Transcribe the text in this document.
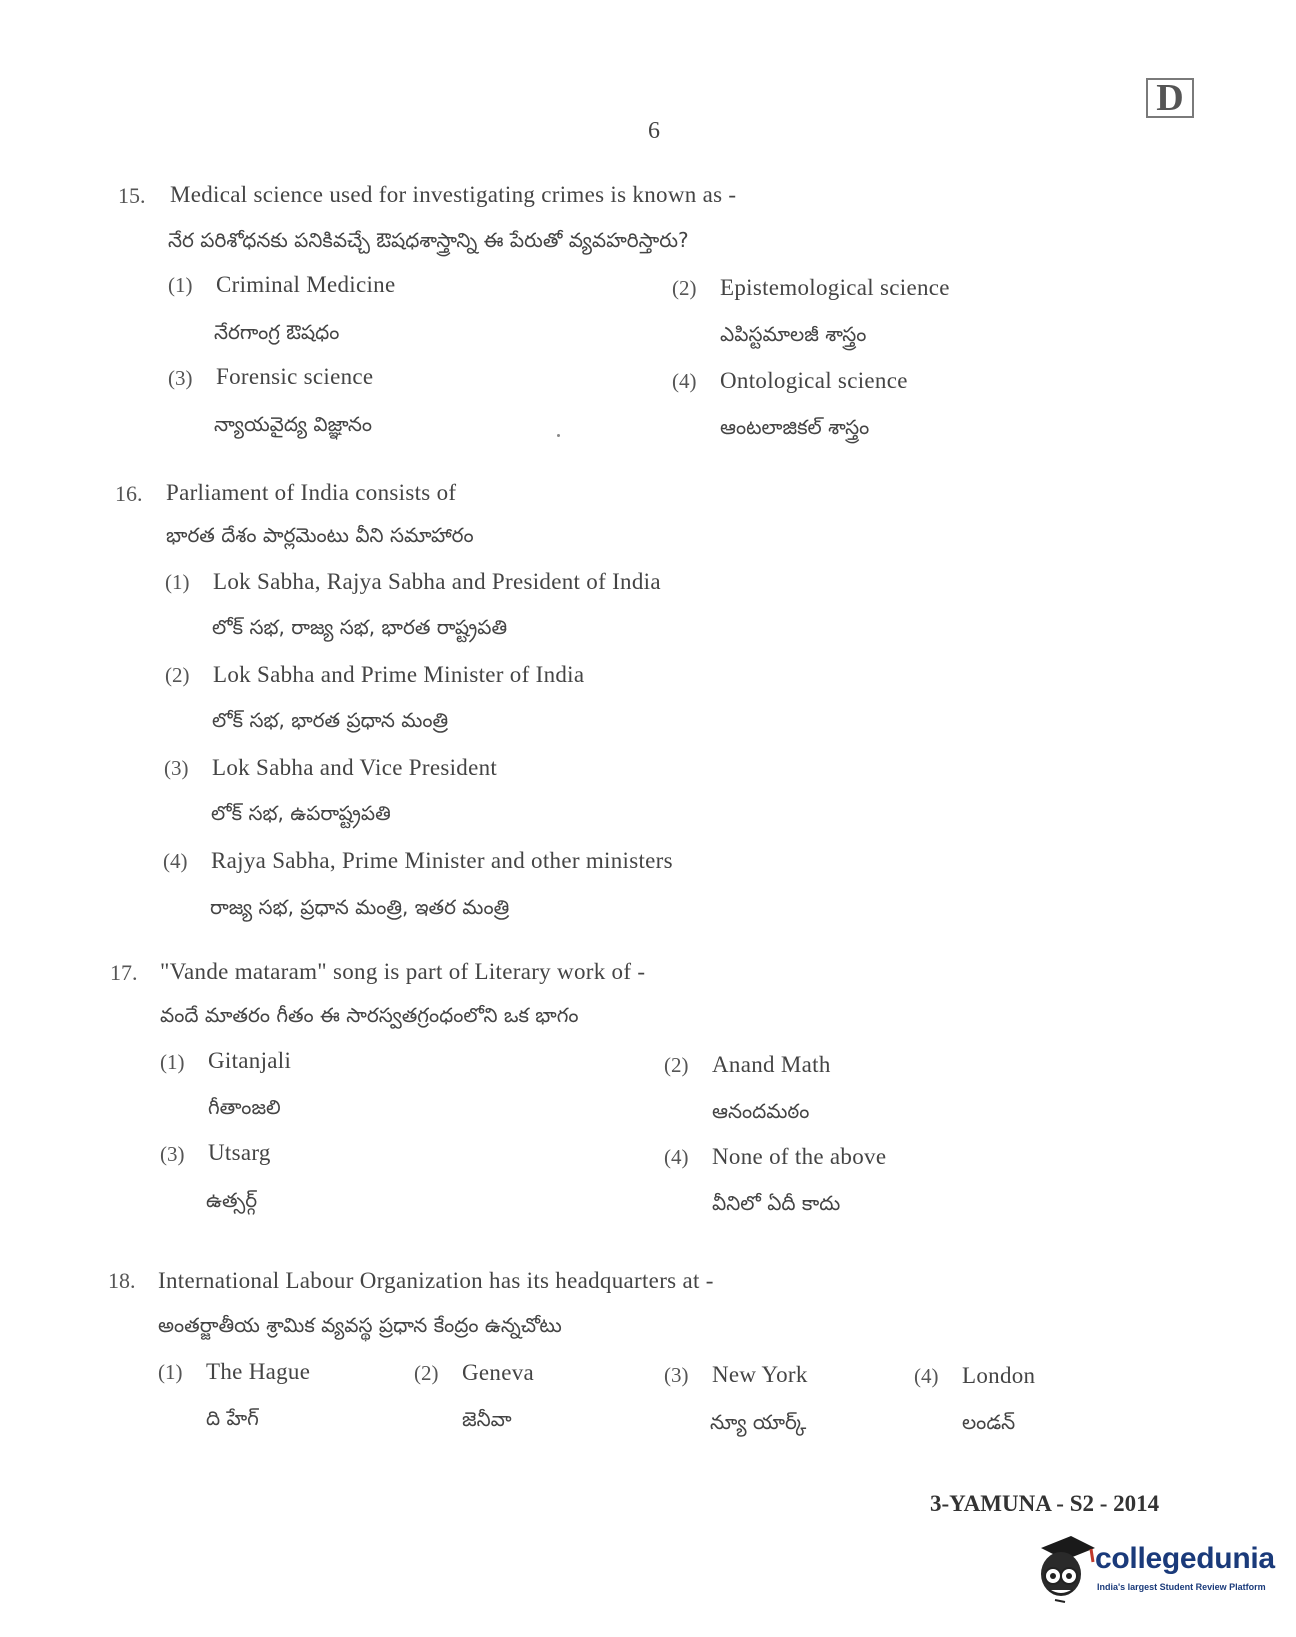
D
6
15. Medical science used for investigating crimes is known as -
నేర పరిశోధనకు పనికివచ్చే ఔషధశాస్త్రాన్ని ఈ పేరుతో వ్యవహరిస్తారు?
(1) Criminal Medicine
నేరగాంగ్ర ఔషధం
(2) Epistemological science
ఎపిస్టమాలజీ శాస్త్రం
(3) Forensic science
న్యాయవైద్య విజ్ఞానం
(4) Ontological science
ఆంటలాజికల్ శాస్త్రం
16. Parliament of India consists of
భారత దేశం పార్లమెంటు వీని సమాహారం
(1) Lok Sabha, Rajya Sabha and President of India
లోక్ సభ, రాజ్య సభ, భారత రాష్ట్రపతి
(2) Lok Sabha and Prime Minister of India
లోక్ సభ, భారత ప్రధాన మంత్రి
(3) Lok Sabha and Vice President
లోక్ సభ, ఉపరాష్ట్రపతి
(4) Rajya Sabha, Prime Minister and other ministers
రాజ్య సభ, ప్రధాన మంత్రి, ఇతర మంత్రి
17. "Vande mataram" song is part of Literary work of -
వందే మాతరం గీతం ఈ సారస్వతగ్రంధంలోని ఒక భాగం
(1) Gitanjali
గీతాంజలి
(2) Anand Math
ఆనందమఠం
(3) Utsarg
ఉత్సర్గ్
(4) None of the above
వీనిలో ఏదీ కాదు
18. International Labour Organization has its headquarters at -
అంతర్జాతీయ శ్రామిక వ్యవస్థ ప్రధాన కేంద్రం ఉన్నచోటు
(1) The Hague
ది హేగ్
(2) Geneva
జెనీవా
(3) New York
న్యూ యార్క్
(4) London
లండన్
3-YAMUNA - S2 - 2014
collegedunia
India's largest Student Review Platform
